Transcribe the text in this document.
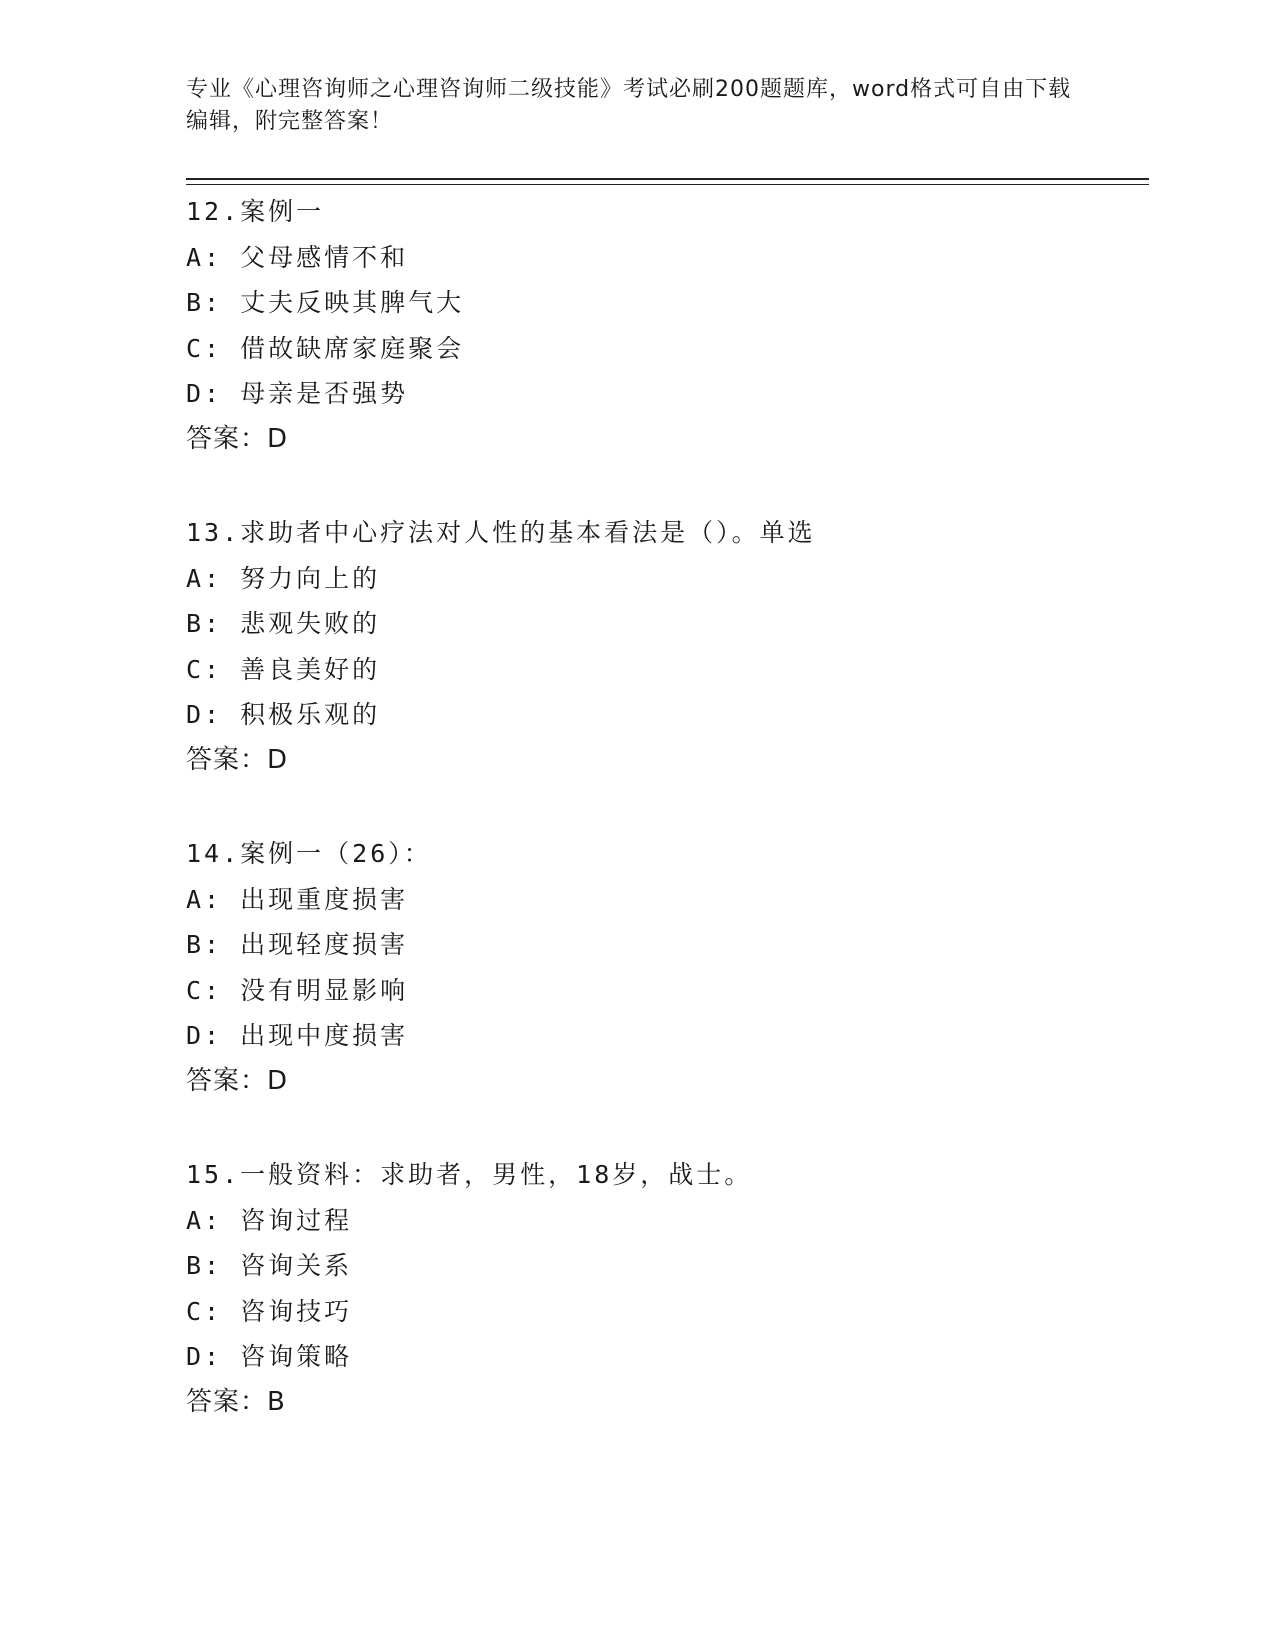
专业《心理咨询师之心理咨询师二级技能》考试必刷200题题库，word格式可自由下载编辑，附完整答案！
12.案例一
A: 父母感情不和
B: 丈夫反映其脾气大
C: 借故缺席家庭聚会
D: 母亲是否强势
答案：D
13.求助者中心疗法对人性的基本看法是（）。单选
A: 努力向上的
B: 悲观失败的
C: 善良美好的
D: 积极乐观的
答案：D
14.案例一（26）：
A: 出现重度损害
B: 出现轻度损害
C: 没有明显影响
D: 出现中度损害
答案：D
15.一般资料：求助者，男性，18岁，战士。
A: 咨询过程
B: 咨询关系
C: 咨询技巧
D: 咨询策略
答案：B
